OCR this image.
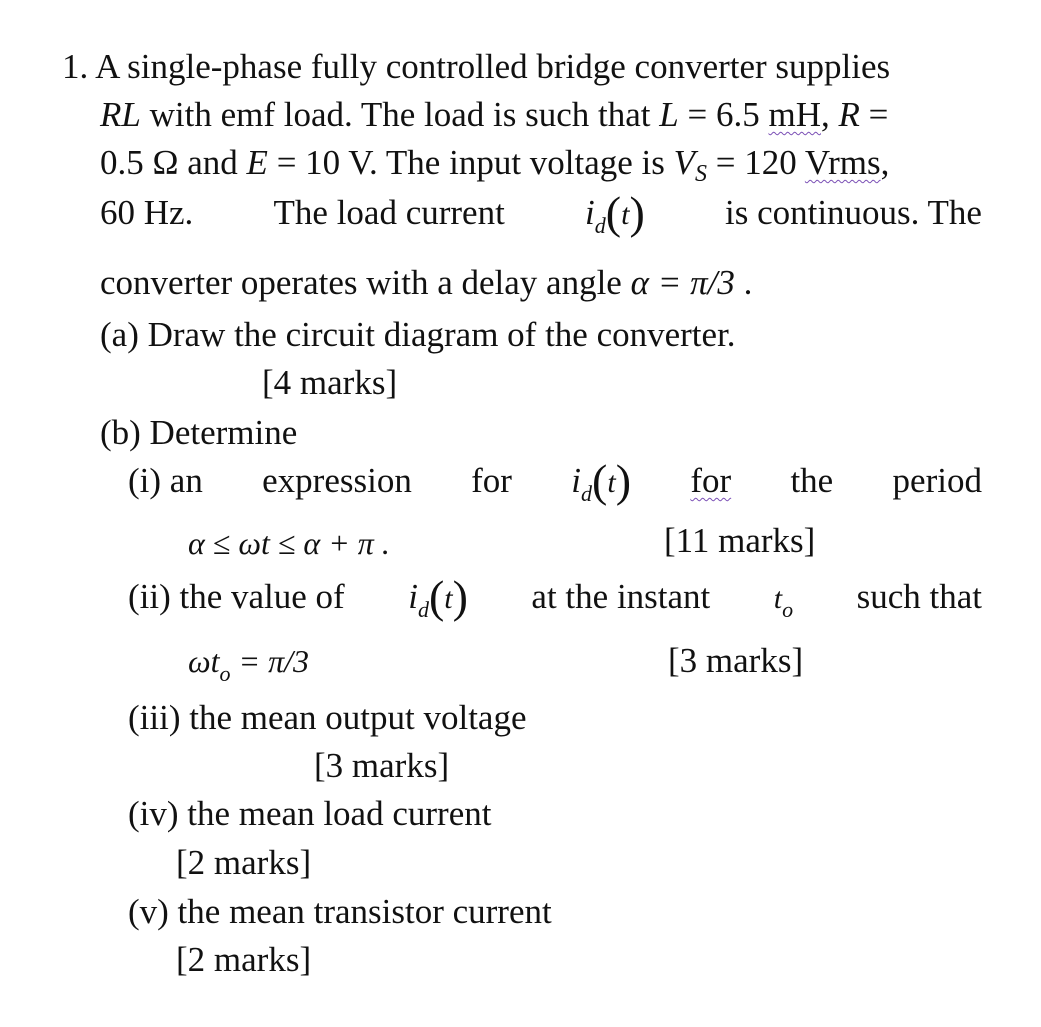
1. A single-phase fully controlled bridge converter supplies
RL with emf load. The load is such that L = 6.5 mH, R =
0.5 Ω and E = 10 V. The input voltage is $V_S = 120$ Vrms,
60 Hz. The load current $i_d(t)$ is continuous. The
converter operates with a delay angle α = π/3 .
(a) Draw the circuit diagram of the converter.
[4 marks]
(b) Determine
(i) an expression for $i_d(t)$ for the period
α ≤ ωt ≤ α + π .	[11 marks]
(ii) the value of $i_d(t)$ at the instant $t_o$ such that
$\omega t_o = \pi/3$	[3 marks]
(iii) the mean output voltage
[3 marks]
(iv) the mean load current
[2 marks]
(v) the mean transistor current
[2 marks]
